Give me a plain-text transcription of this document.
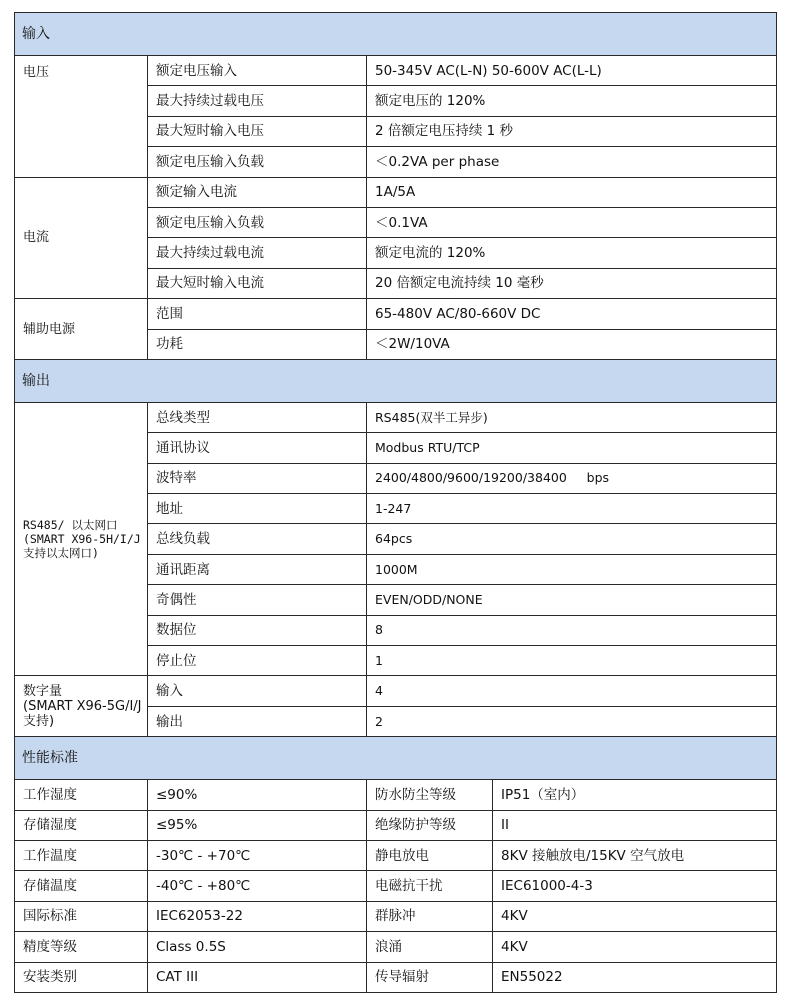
输入			
电压	额定电压输入	50-345V AC(L-N) 50-600V AC(L-L)	
	最大持续过载电压	额定电压的 120%	
	最大短时输入电压	2 倍额定电压持续 1 秒	
	额定电压输入负载	＜0.2VA per phase	
电流	额定输入电流	1A/5A	
	额定电压输入负载	＜0.1VA	
	最大持续过载电流	额定电流的 120%	
	最大短时输入电流	20 倍额定电流持续 10 毫秒	
辅助电源	范围	65-480V AC/80-660V DC	
	功耗	＜2W/10VA	
输出			

RS485/ 以太网口
(SMART X96-5H/I/J
支持以太网口)	总线类型	RS485(双半工异步)	
	通讯协议	Modbus RTU/TCP	
	波特率	2400/4800/9600/19200/38400     bps	
	地址	1-247	
	总线负载	64pcs	
	通讯距离	1000M	
	奇偶性	EVEN/ODD/NONE	
	数据位	8	
	停止位	1	

数字量
(SMART X96-5G/I/J
支持)	输入	4	
	输出	2	
性能标准			
工作湿度	≤90%	防水防尘等级	IP51（室内）
存储湿度	≤95%	绝缘防护等级	II
工作温度	-30℃ - +70℃	静电放电	8KV 接触放电/15KV 空气放电
存储温度	-40℃ - +80℃	电磁抗干扰	IEC61000-4-3
国际标准	IEC62053-22	群脉冲	4KV
精度等级	Class 0.5S	浪涌	4KV
安装类别	CAT III	传导辐射	EN55022
